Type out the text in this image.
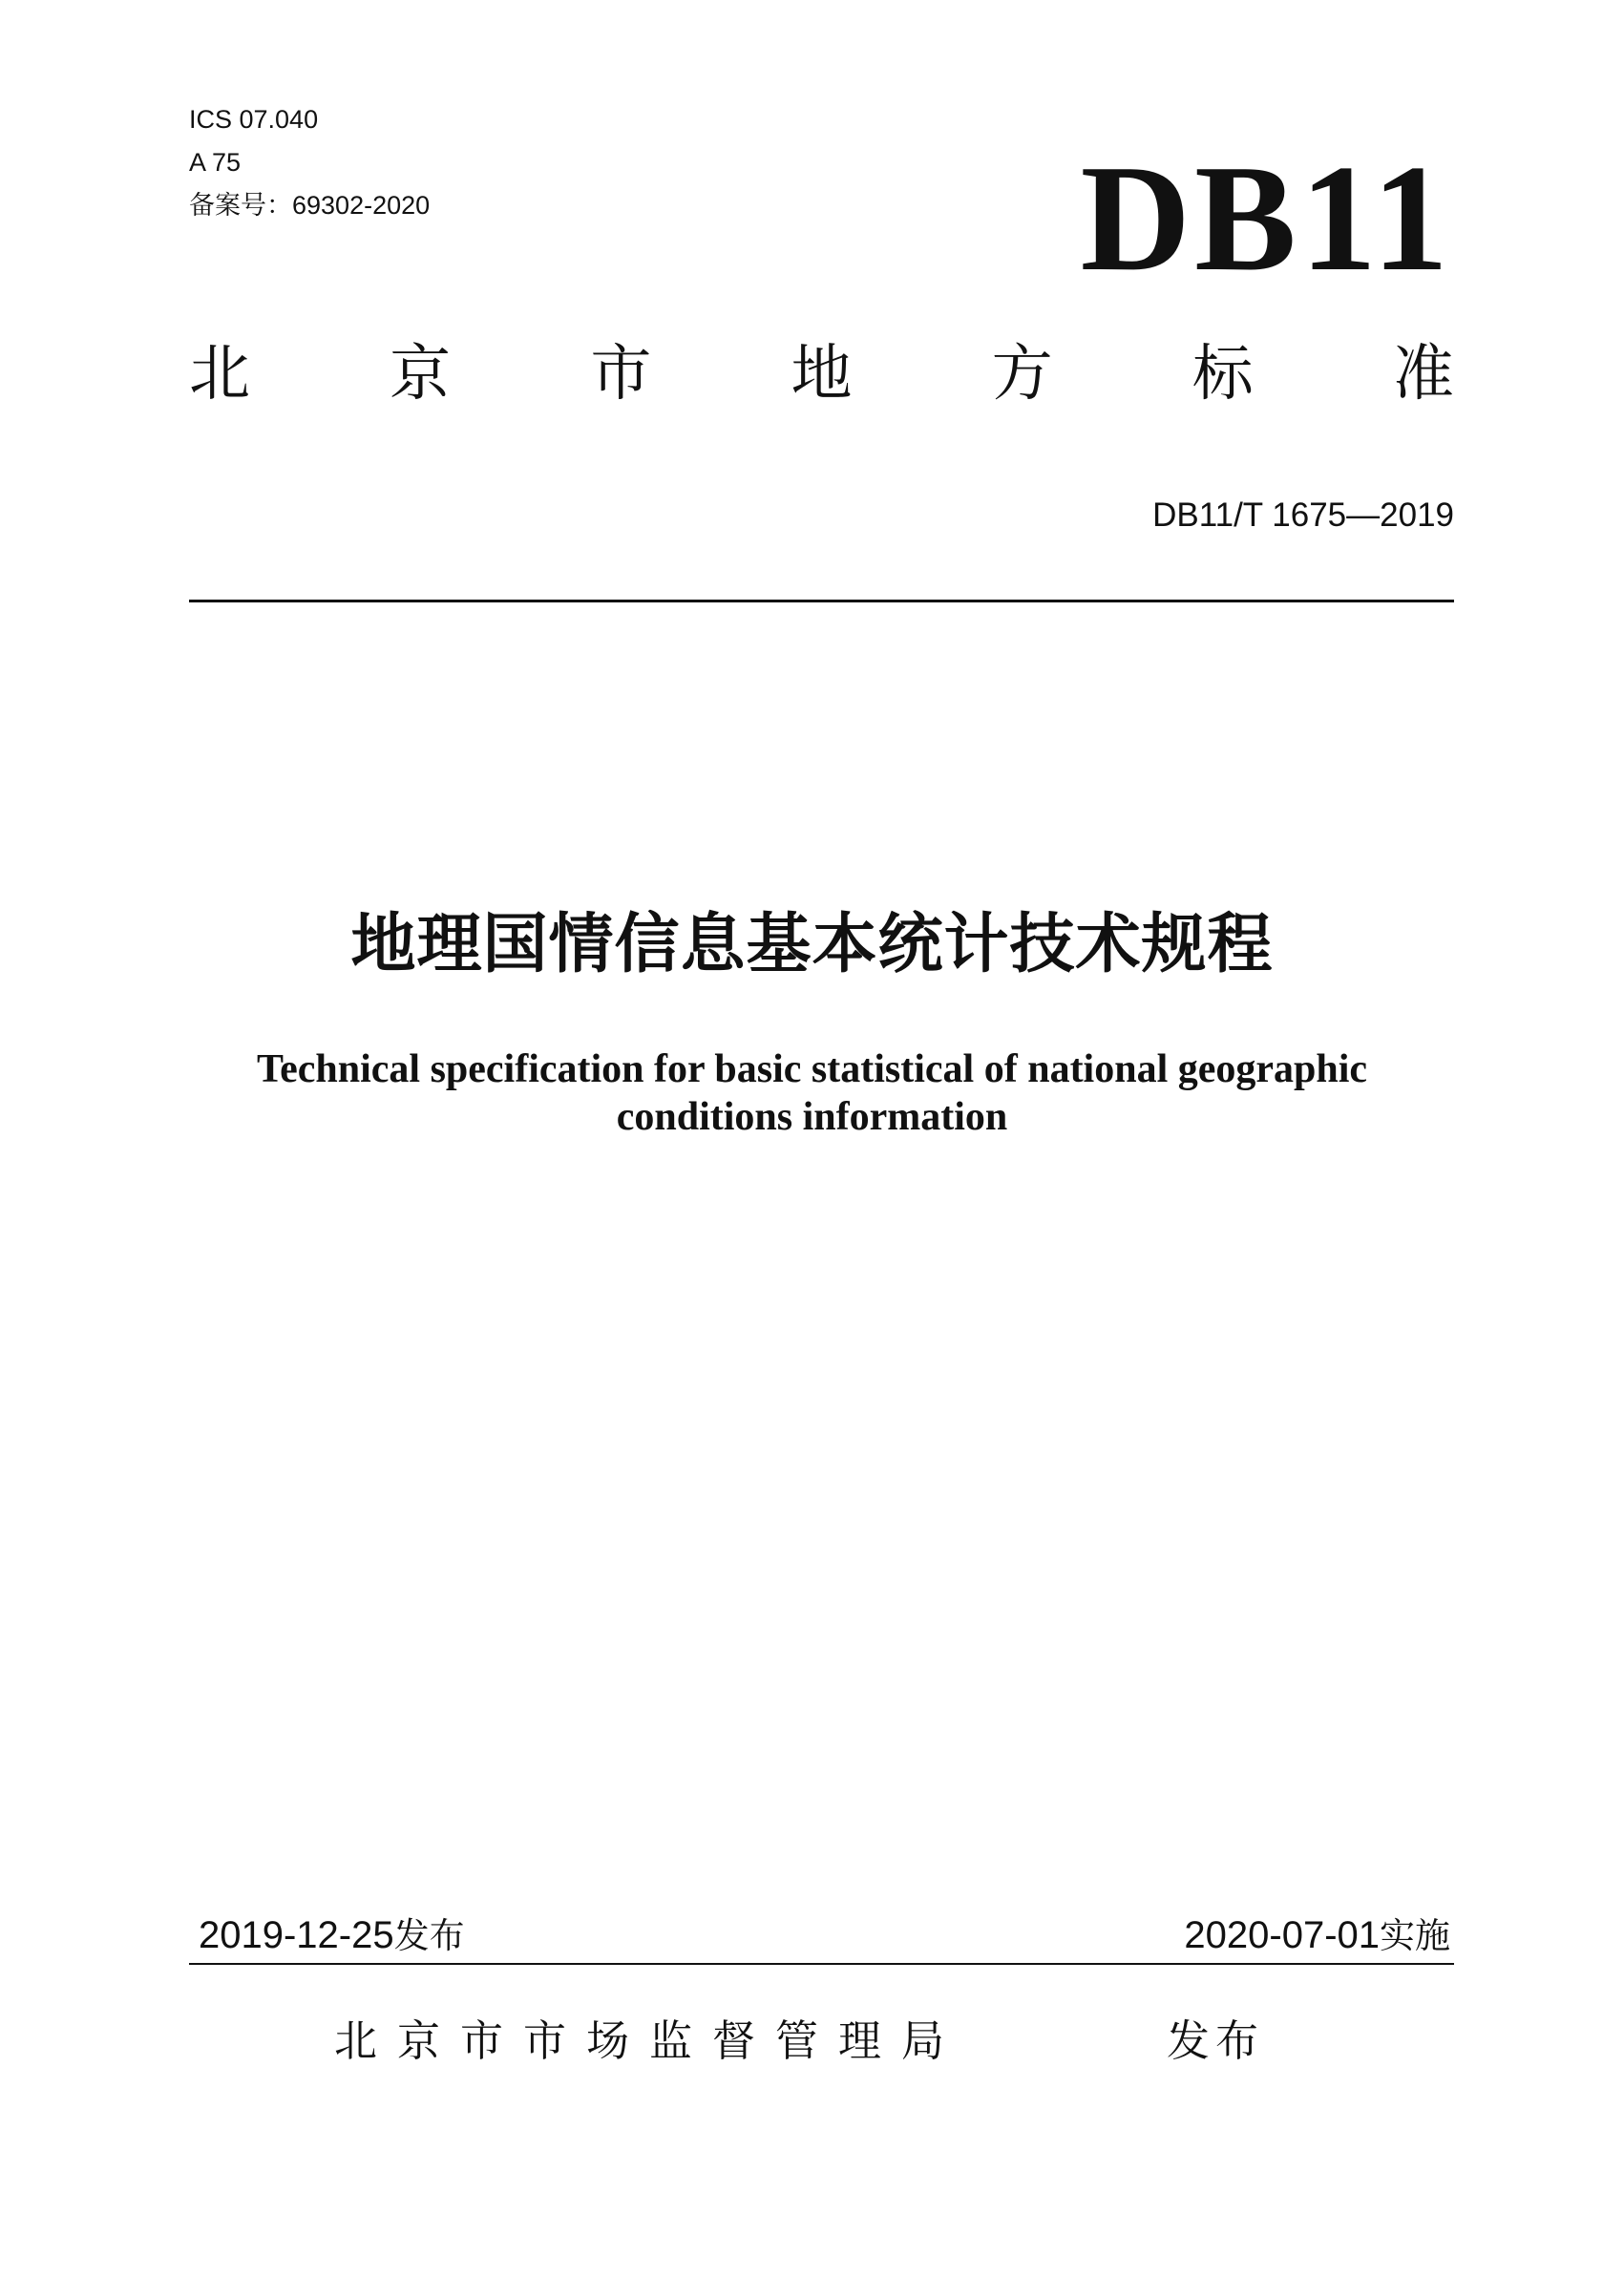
ICS 07.040
A 75
备案号：69302-2020	DB11
北 京 市 地 方 标 准
DB11/T 1675—2019
地理国情信息基本统计技术规程
Technical specification for basic statistical of national geographic
conditions information
2019-12-25发布	2020-07-01实施
北 京 市 市 场 监 督 管 理 局	发布
